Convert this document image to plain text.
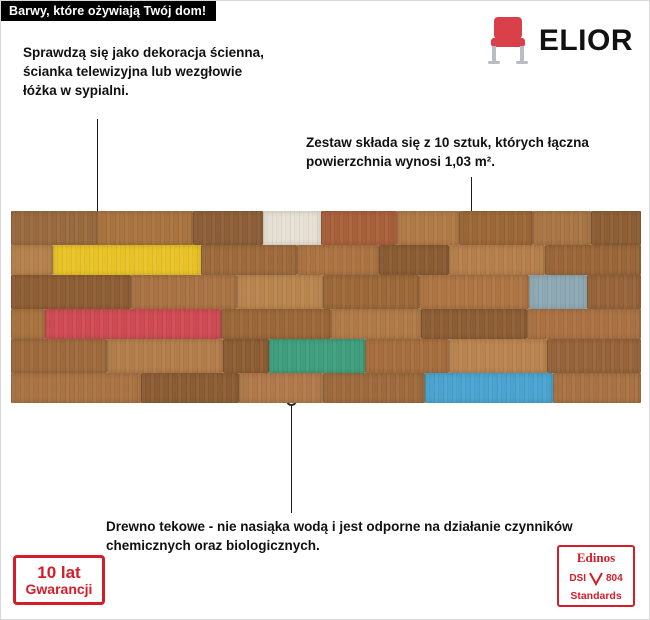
Barwy, które ożywiają Twój dom!
ELIOR
Sprawdzą się jako dekoracja ścienna, ścianka telewizyjna lub wezgłowie łóżka w sypialni.
Zestaw składa się z 10 sztuk, których łączna powierzchnia wynosi 1,03 m².
Drewno tekowe - nie nasiąka wodą i jest odporne na działanie czynników chemicznych oraz biologicznych.
10 lat
Gwarancji
Edinos
DSI 804
Standards
